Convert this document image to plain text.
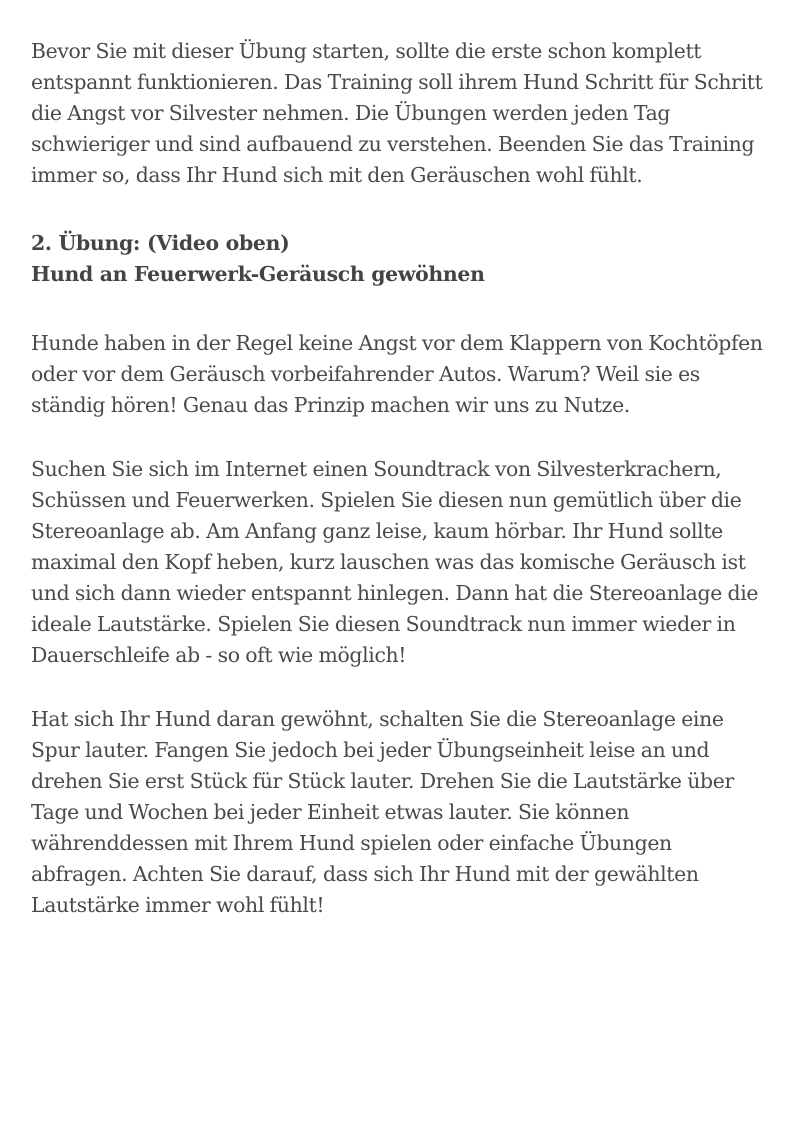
Bevor Sie mit dieser Übung starten, sollte die erste schon komplett entspannt funktionieren. Das Training soll ihrem Hund Schritt für Schritt die Angst vor Silvester nehmen. Die Übungen werden jeden Tag schwieriger und sind aufbauend zu verstehen. Beenden Sie das Training immer so, dass Ihr Hund sich mit den Geräuschen wohl fühlt.

2. Übung: (Video oben)
Hund an Feuerwerk-Geräusch gewöhnen

Hunde haben in der Regel keine Angst vor dem Klappern von Kochtöpfen oder vor dem Geräusch vorbeifahrender Autos. Warum? Weil sie es ständig hören! Genau das Prinzip machen wir uns zu Nutze.

Suchen Sie sich im Internet einen Soundtrack von Silvesterkrachern, Schüssen und Feuerwerken. Spielen Sie diesen nun gemütlich über die Stereoanlage ab. Am Anfang ganz leise, kaum hörbar. Ihr Hund sollte maximal den Kopf heben, kurz lauschen was das komische Geräusch ist und sich dann wieder entspannt hinlegen. Dann hat die Stereoanlage die ideale Lautstärke. Spielen Sie diesen Soundtrack nun immer wieder in Dauerschleife ab - so oft wie möglich!

Hat sich Ihr Hund daran gewöhnt, schalten Sie die Stereoanlage eine Spur lauter. Fangen Sie jedoch bei jeder Übungseinheit leise an und drehen Sie erst Stück für Stück lauter. Drehen Sie die Lautstärke über Tage und Wochen bei jeder Einheit etwas lauter. Sie können währenddessen mit Ihrem Hund spielen oder einfache Übungen abfragen. Achten Sie darauf, dass sich Ihr Hund mit der gewählten Lautstärke immer wohl fühlt!
